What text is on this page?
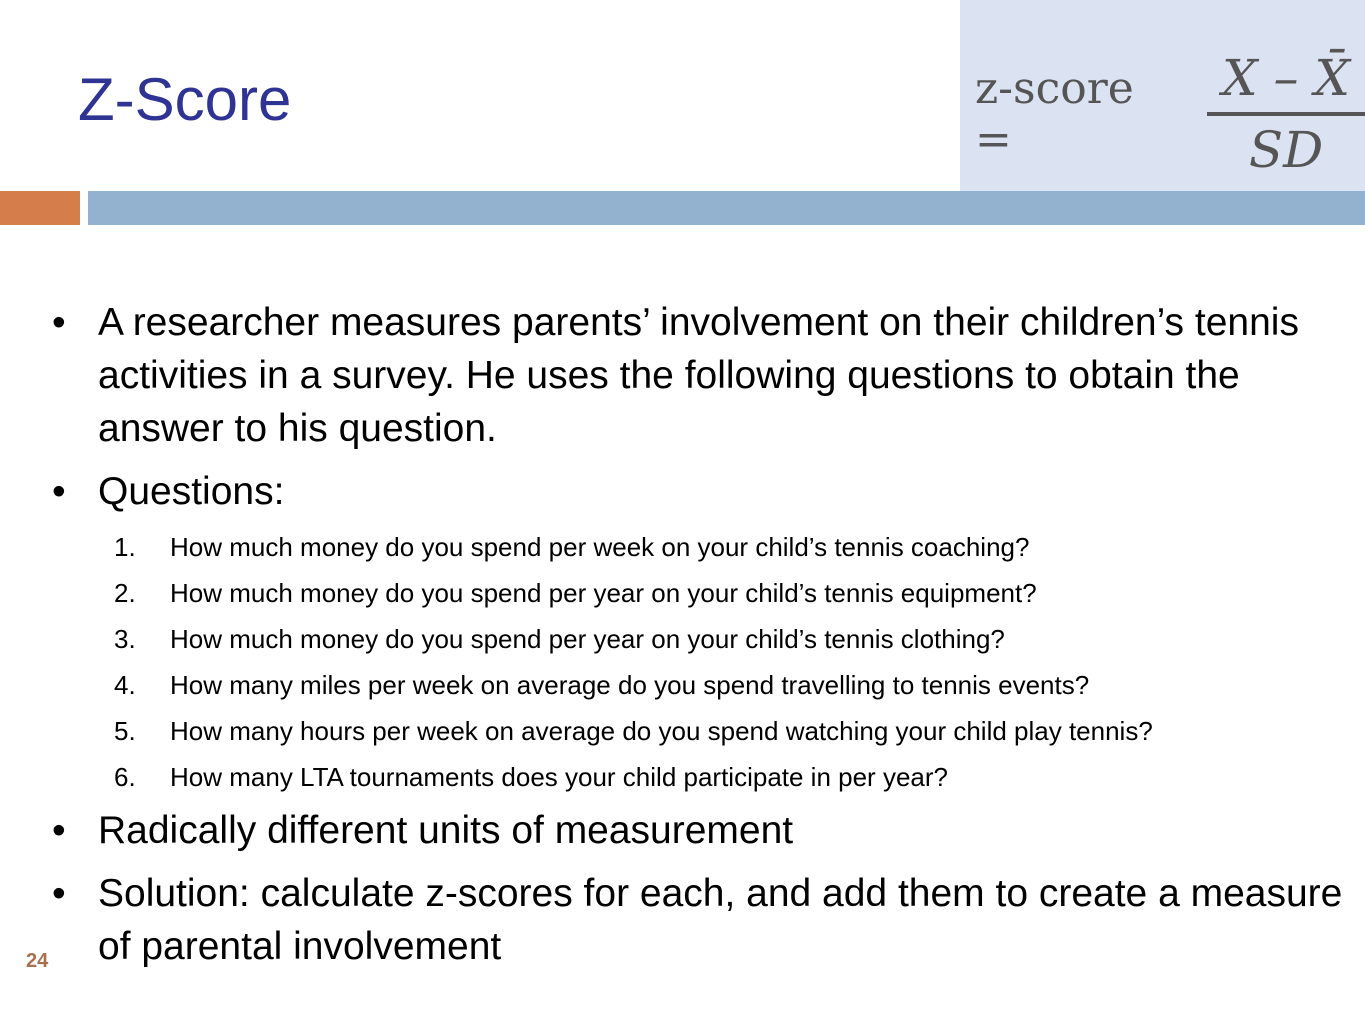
Z-Score	z-score =	$\frac{X - X̄}{SD}$
• A researcher measures parents’ involvement on their children’s tennis activities in a survey. He uses the following questions to obtain the answer to his question.
• Questions:
1. How much money do you spend per week on your child’s tennis coaching?
2. How much money do you spend per year on your child’s tennis equipment?
3. How much money do you spend per year on your child’s tennis clothing?
4. How many miles per week on average do you spend travelling to tennis events?
5. How many hours per week on average do you spend watching your child play tennis?
6. How many LTA tournaments does your child participate in per year?
• Radically different units of measurement
• Solution: calculate z-scores for each, and add them to create a measure of parental involvement
24
